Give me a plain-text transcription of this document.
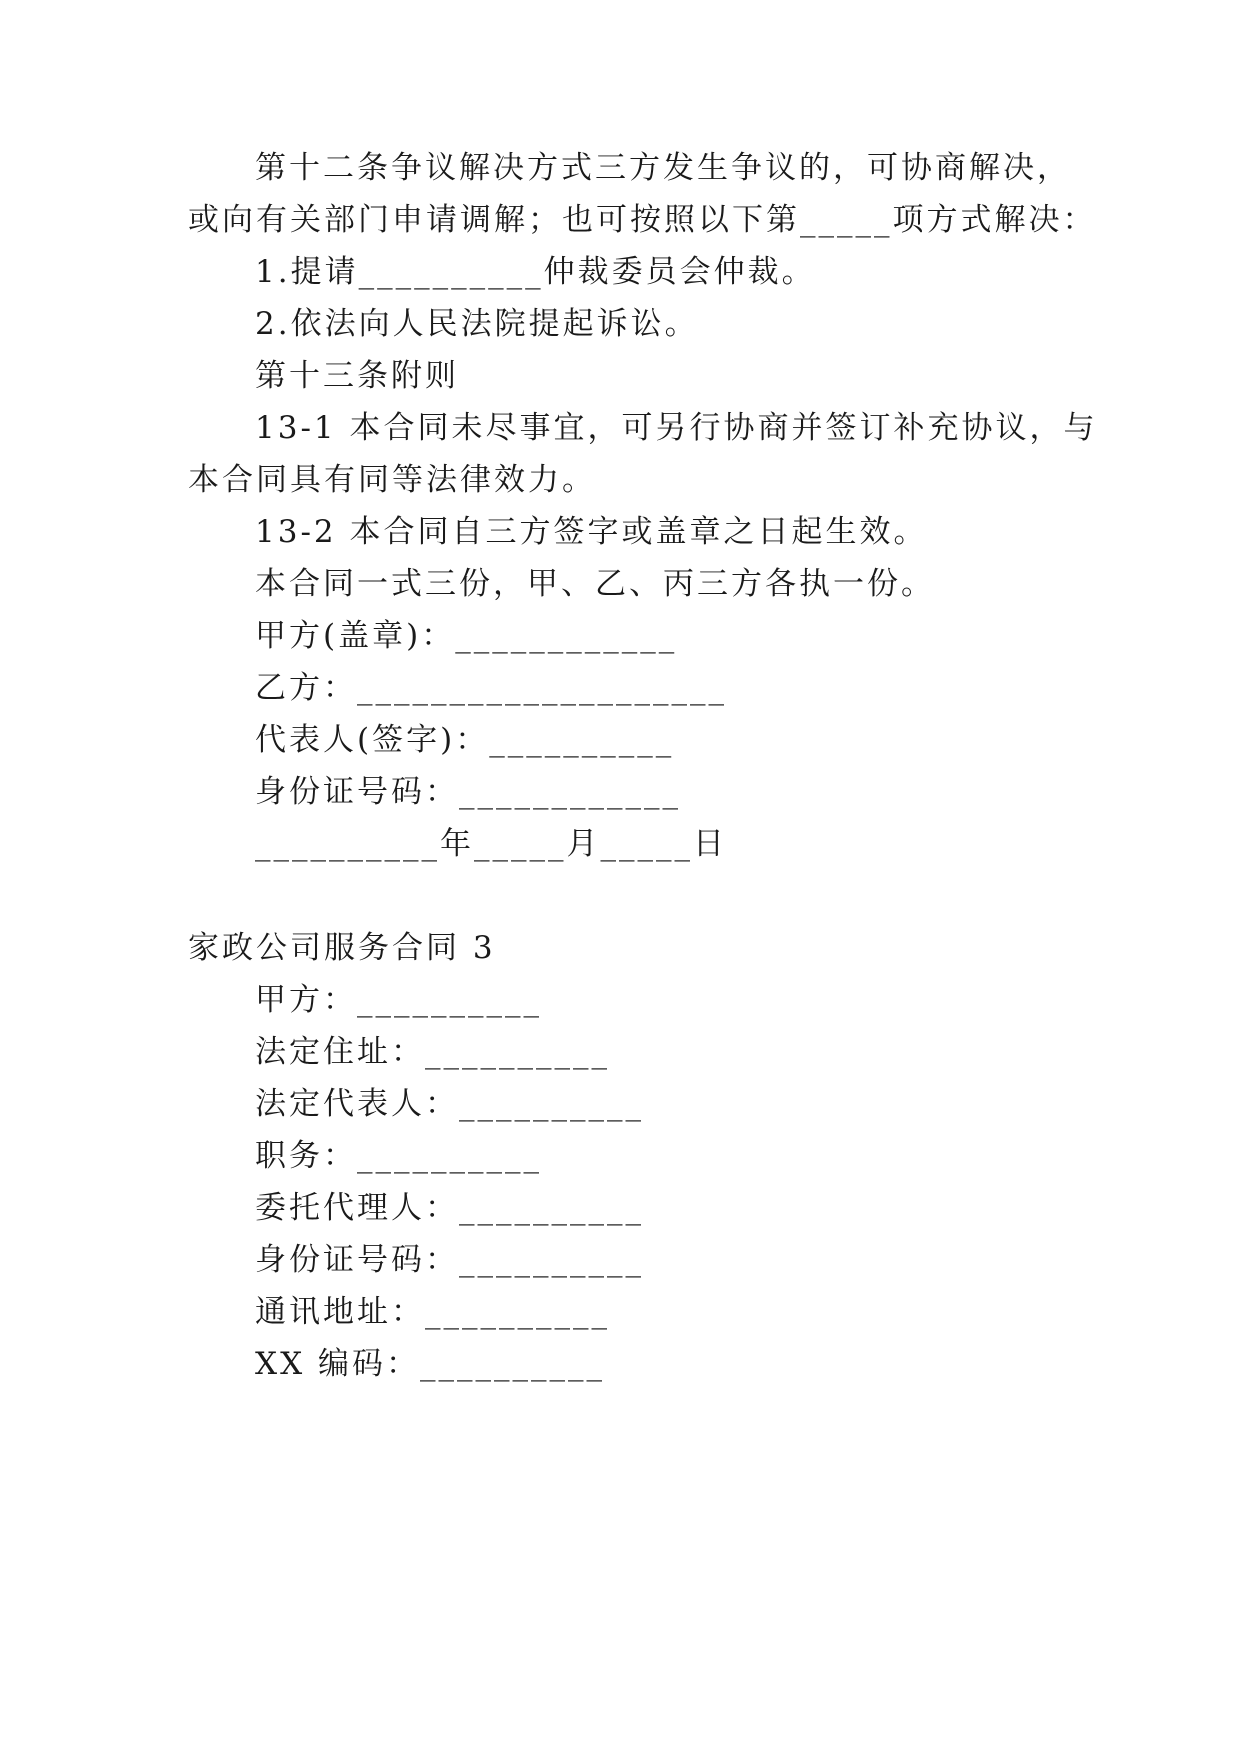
第十二条争议解决方式三方发生争议的，可协商解决，
或向有关部门申请调解；也可按照以下第_____项方式解决：
1.提请__________仲裁委员会仲裁。
2.依法向人民法院提起诉讼。
第十三条附则
13-1 本合同未尽事宜，可另行协商并签订补充协议，与
本合同具有同等法律效力。
13-2 本合同自三方签字或盖章之日起生效。
本合同一式三份，甲、乙、丙三方各执一份。
甲方(盖章)：____________
乙方：____________________
代表人(签字)：__________
身份证号码：____________
__________年_____月_____日
家政公司服务合同 3
甲方：__________
法定住址：__________
法定代表人：__________
职务：__________
委托代理人：__________
身份证号码：__________
通讯地址：__________
XX 编码：__________
